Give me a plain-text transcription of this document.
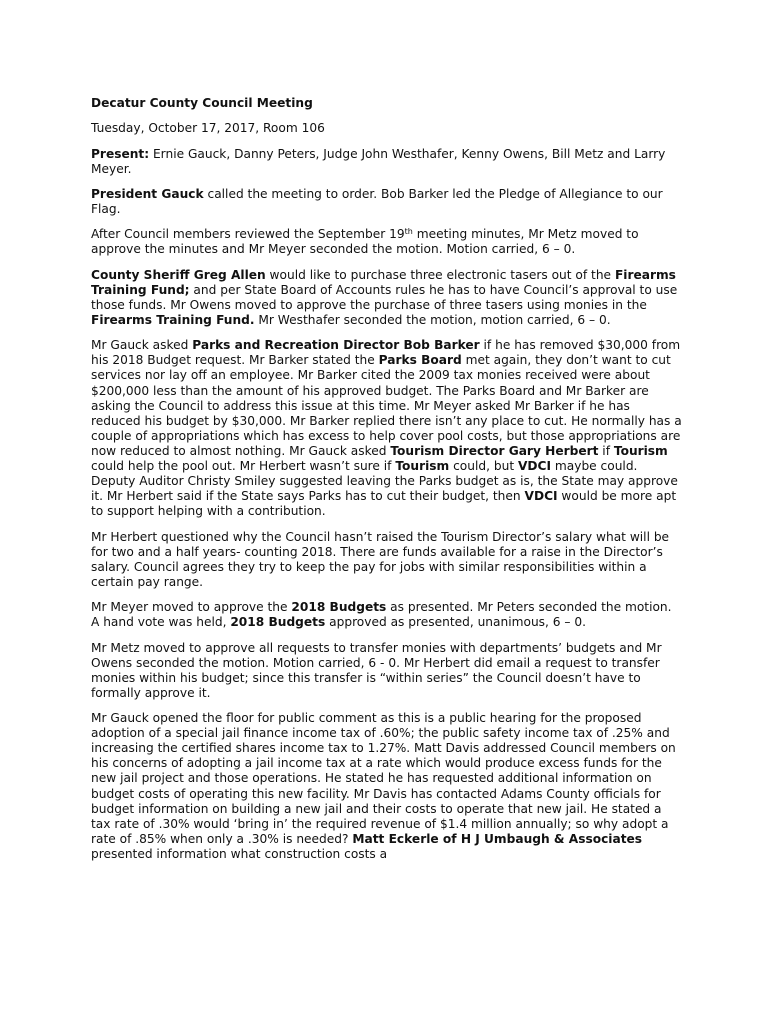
Decatur County Council Meeting

Tuesday, October 17, 2017, Room 106

Present: Ernie Gauck, Danny Peters, Judge John Westhafer, Kenny Owens, Bill Metz and Larry Meyer.

President Gauck called the meeting to order. Bob Barker led the Pledge of Allegiance to our Flag.

After Council members reviewed the September 19th meeting minutes, Mr Metz moved to approve the minutes and Mr Meyer seconded the motion. Motion carried, 6 – 0.

County Sheriff Greg Allen would like to purchase three electronic tasers out of the Firearms Training Fund; and per State Board of Accounts rules he has to have Council’s approval to use those funds. Mr Owens moved to approve the purchase of three tasers using monies in the Firearms Training Fund. Mr Westhafer seconded the motion, motion carried, 6 – 0.

Mr Gauck asked Parks and Recreation Director Bob Barker if he has removed $30,000 from his 2018 Budget request. Mr Barker stated the Parks Board met again, they don’t want to cut services nor lay off an employee. Mr Barker cited the 2009 tax monies received were about $200,000 less than the amount of his approved budget. The Parks Board and Mr Barker are asking the Council to address this issue at this time. Mr Meyer asked Mr Barker if he has reduced his budget by $30,000. Mr Barker replied there isn’t any place to cut. He normally has a couple of appropriations which has excess to help cover pool costs, but those appropriations are now reduced to almost nothing. Mr Gauck asked Tourism Director Gary Herbert if Tourism could help the pool out. Mr Herbert wasn’t sure if Tourism could, but VDCI maybe could. Deputy Auditor Christy Smiley suggested leaving the Parks budget as is, the State may approve it. Mr Herbert said if the State says Parks has to cut their budget, then VDCI would be more apt to support helping with a contribution.

Mr Herbert questioned why the Council hasn’t raised the Tourism Director’s salary what will be for two and a half years- counting 2018. There are funds available for a raise in the Director’s salary. Council agrees they try to keep the pay for jobs with similar responsibilities within a certain pay range.

Mr Meyer moved to approve the 2018 Budgets as presented. Mr Peters seconded the motion. A hand vote was held, 2018 Budgets approved as presented, unanimous, 6 – 0.

Mr Metz moved to approve all requests to transfer monies with departments’ budgets and Mr Owens seconded the motion. Motion carried, 6 - 0. Mr Herbert did email a request to transfer monies within his budget; since this transfer is “within series” the Council doesn’t have to formally approve it.

Mr Gauck opened the floor for public comment as this is a public hearing for the proposed adoption of a special jail finance income tax of .60%; the public safety income tax of .25% and increasing the certified shares income tax to 1.27%. Matt Davis addressed Council members on his concerns of adopting a jail income tax at a rate which would produce excess funds for the new jail project and those operations. He stated he has requested additional information on budget costs of operating this new facility. Mr Davis has contacted Adams County officials for budget information on building a new jail and their costs to operate that new jail. He stated a tax rate of .30% would ‘bring in’ the required revenue of $1.4 million annually; so why adopt a rate of .85% when only a .30% is needed? Matt Eckerle of H J Umbaugh & Associates presented information what construction costs a
